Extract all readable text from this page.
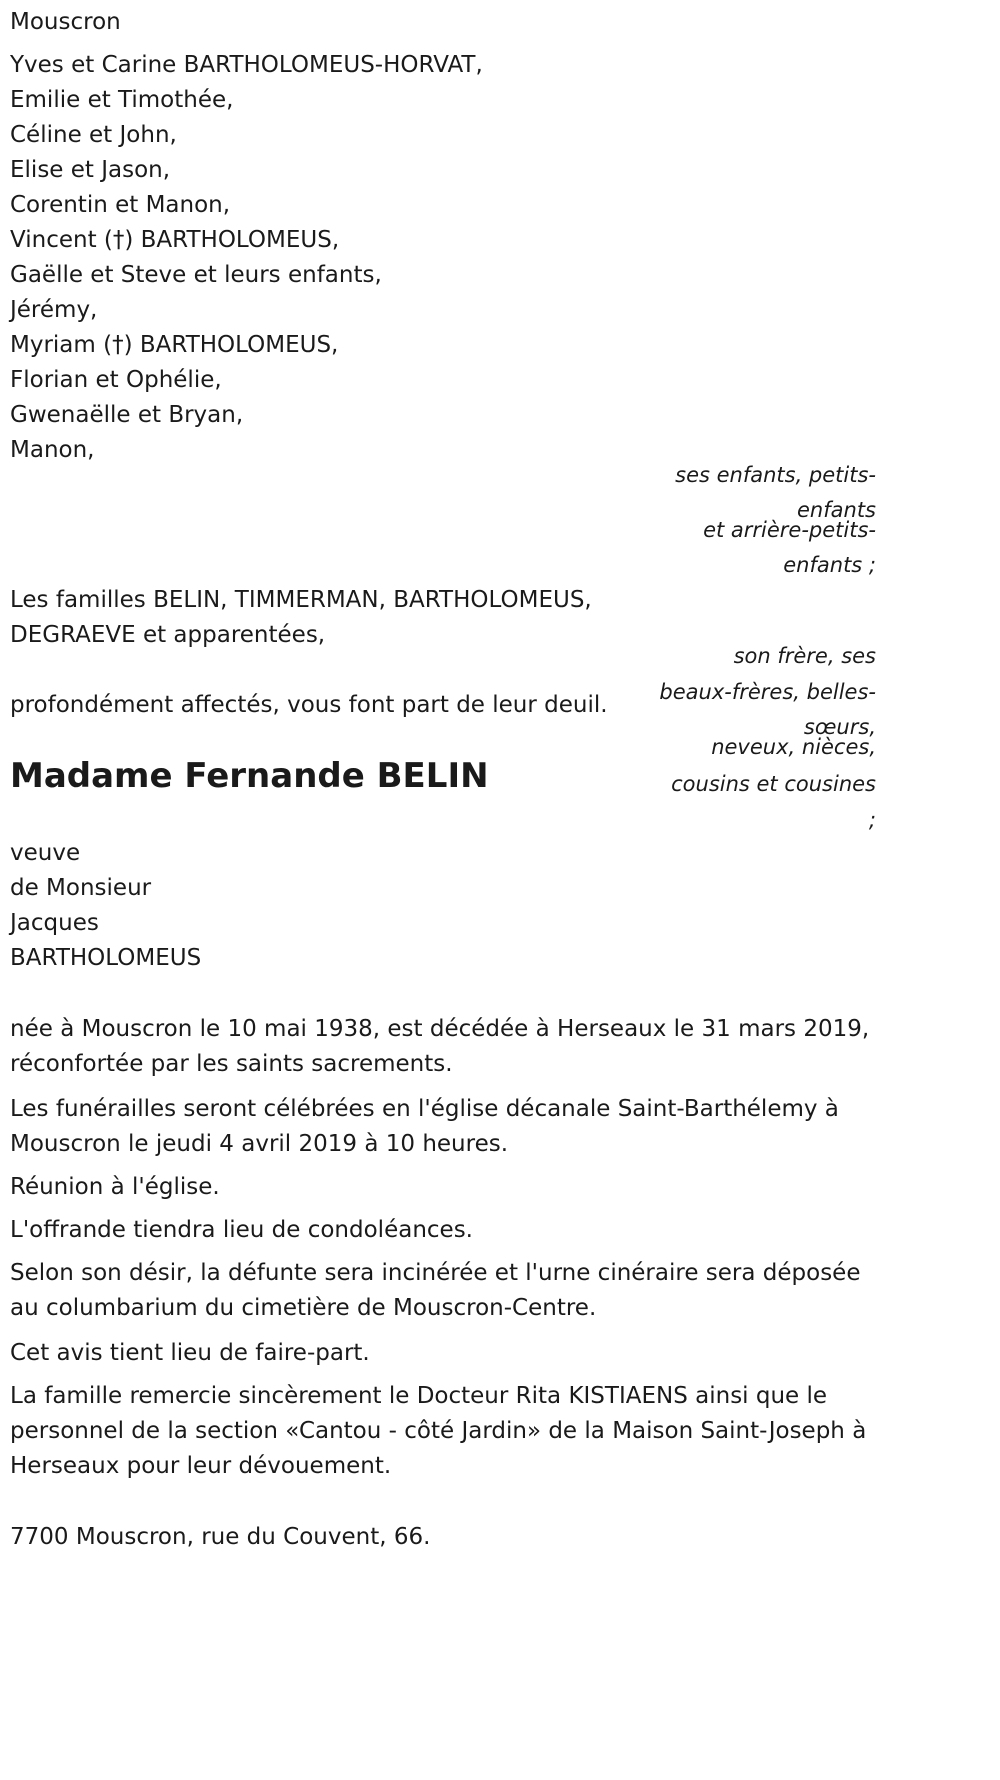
Mouscron
Yves et Carine BARTHOLOMEUS-HORVAT,
Emilie et Timothée,
Céline et John,
Elise et Jason,
Corentin et Manon,
Vincent (†) BARTHOLOMEUS,
Gaëlle et Steve et leurs enfants,
Jérémy,
Myriam (†) BARTHOLOMEUS,
Florian et Ophélie,
Gwenaëlle et Bryan,
Manon,
ses enfants, petits-
enfants
et arrière-petits-
enfants ;
Les familles BELIN, TIMMERMAN, BARTHOLOMEUS,
DEGRAEVE et apparentées,
son frère, ses
beaux-frères, belles-
sœurs,
neveux, nièces,
cousins et cousines
;
profondément affectés, vous font part de leur deuil.
Madame Fernande BELIN
veuve
de Monsieur
Jacques
BARTHOLOMEUS
née à Mouscron le 10 mai 1938, est décédée à Herseaux le 31 mars 2019, réconfortée par les saints sacrements.
Les funérailles seront célébrées en l'église décanale Saint-Barthélemy à Mouscron le jeudi 4 avril 2019 à 10 heures.
Réunion à l'église.
L'offrande tiendra lieu de condoléances.
Selon son désir, la défunte sera incinérée et l'urne cinéraire sera déposée au columbarium du cimetière de Mouscron-Centre.
Cet avis tient lieu de faire-part.
La famille remercie sincèrement le Docteur Rita KISTIAENS ainsi que le personnel de la section «Cantou - côté Jardin» de la Maison Saint-Joseph à Herseaux pour leur dévouement.
7700 Mouscron, rue du Couvent, 66.
